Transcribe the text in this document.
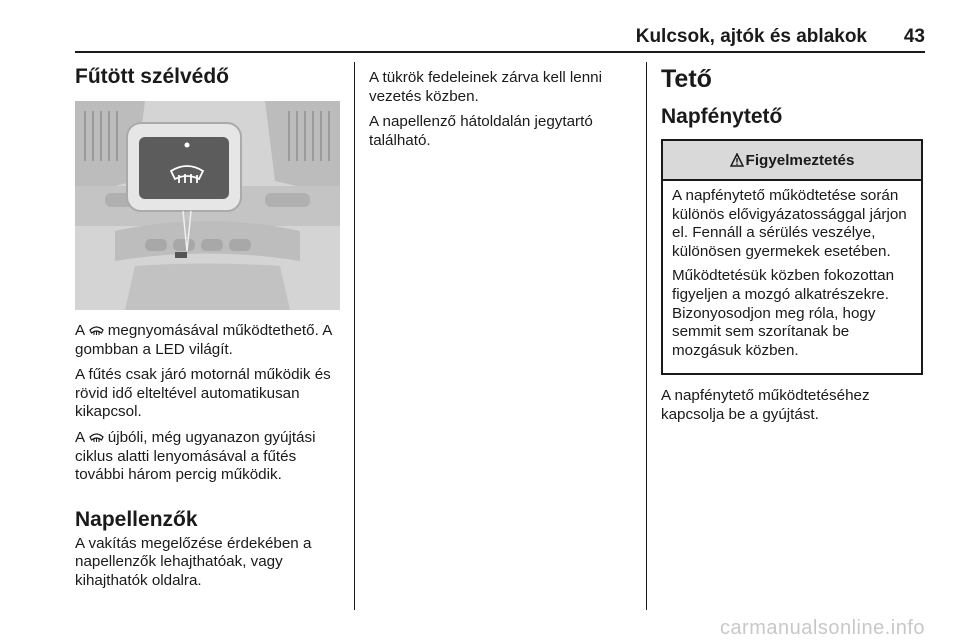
Kulcsok, ajtók és ablakok 43
Fűtött szélvédő

A megnyomásával működtethető. A gombban a LED világít.

A fűtés csak járó motornál működik és rövid idő elteltével automatikusan kikapcsol.

A újbóli, még ugyanazon gyújtási ciklus alatti lenyomásával a fűtés további három percig működik.

Napellenzők

A vakítás megelőzése érdekében a napellenzők lehajthatóak, vagy kihajthatók oldalra.

A tükrök fedeleinek zárva kell lenni vezetés közben.

A napellenző hátoldalán jegytartó található.

Tető
Napfénytető
Figyelmeztetés

A napfénytető működtetése során különös elővigyázatossággal járjon el. Fennáll a sérülés veszélye, különösen gyermekek esetében.

Működtetésük közben fokozottan figyeljen a mozgó alkatrészekre. Bizonyosodjon meg róla, hogy semmit sem szorítanak be mozgásuk közben.

A napfénytető működtetéséhez kapcsolja be a gyújtást.

carmanualsonline.info
